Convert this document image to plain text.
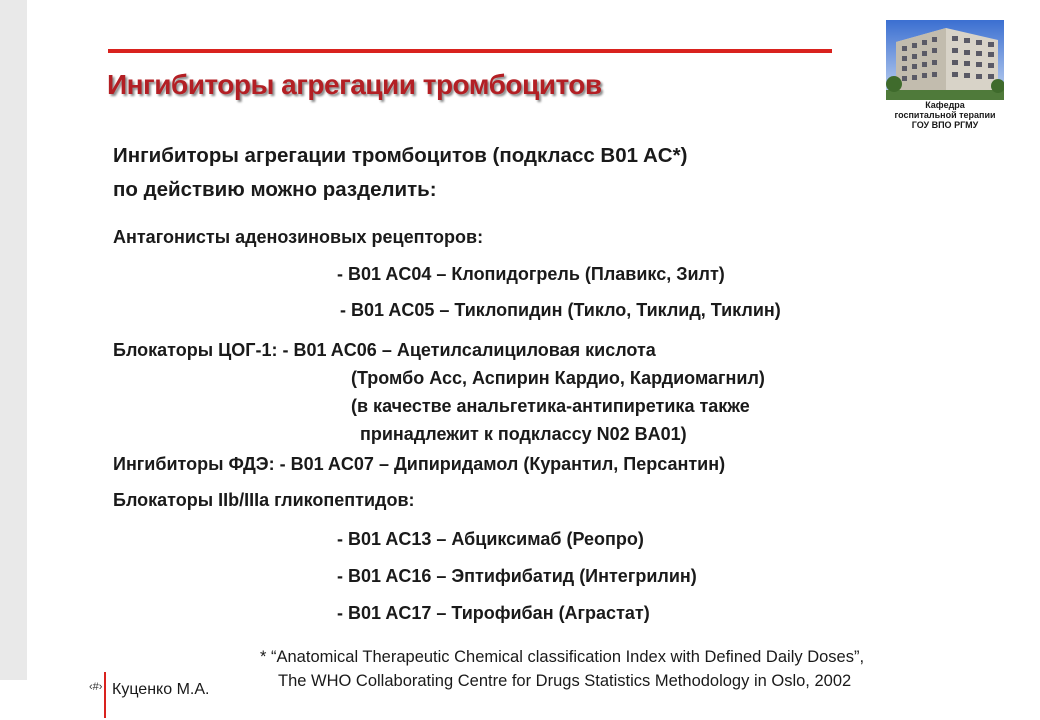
Ингибиторы агрегации тромбоцитов
Кафедра
госпитальной терапии
ГОУ ВПО РГМУ

Ингибиторы агрегации тромбоцитов (подкласс B01 AC*)

по действию можно разделить:

Антагонисты аденозиновых рецепторов:

- B01 AC04 – Клопидогрель (Плавикс, Зилт)

- B01 AC05 – Тиклопидин (Тикло, Тиклид, Тиклин)

Блокаторы ЦОГ-1: - B01 AC06 – Ацетилсалициловая кислота

(Тромбо Асс, Аспирин Кардио, Кардиомагнил)

(в качестве анальгетика-антипиретика также

принадлежит к подклассу N02 BA01)

Ингибиторы ФДЭ: - B01 AC07 – Дипиридамол (Курантил, Персантин)

Блокаторы IIb/IIIa гликопептидов:

- B01 AC13 – Абциксимаб (Реопро)

- B01 AC16 – Эптифибатид (Интегрилин)

- B01 AC17 – Тирофибан (Аграстат)

* “Anatomical Therapeutic Chemical classification Index with Defined Daily Doses”,
The WHO Collaborating Centre for Drugs Statistics Methodology in Oslo, 2002
‹#› Куценко М.А.
